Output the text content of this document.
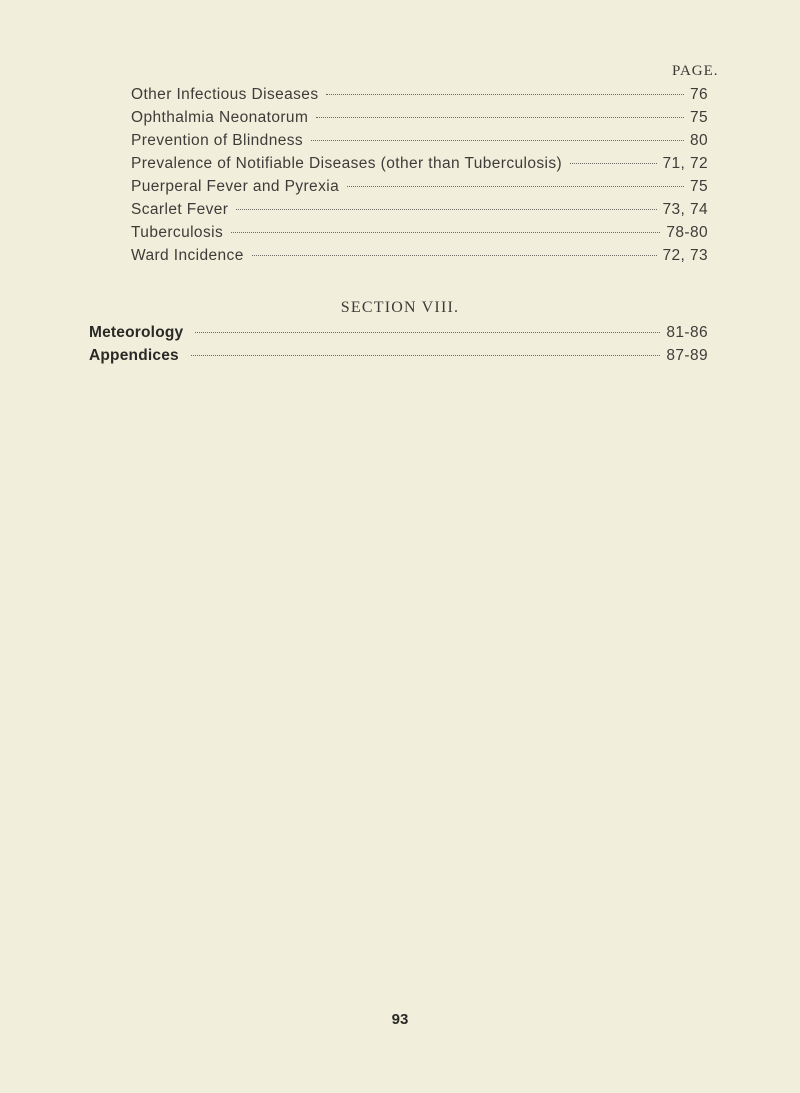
PAGE.
Other Infectious Diseases	76
Ophthalmia Neonatorum	75
Prevention of Blindness	80
Prevalence of Notifiable Diseases (other than Tuberculosis)	71, 72
Puerperal Fever and Pyrexia	75
Scarlet Fever	73, 74
Tuberculosis	78-80
Ward Incidence	72, 73
SECTION VIII.
Meteorology	81-86
Appendices	87-89
93
